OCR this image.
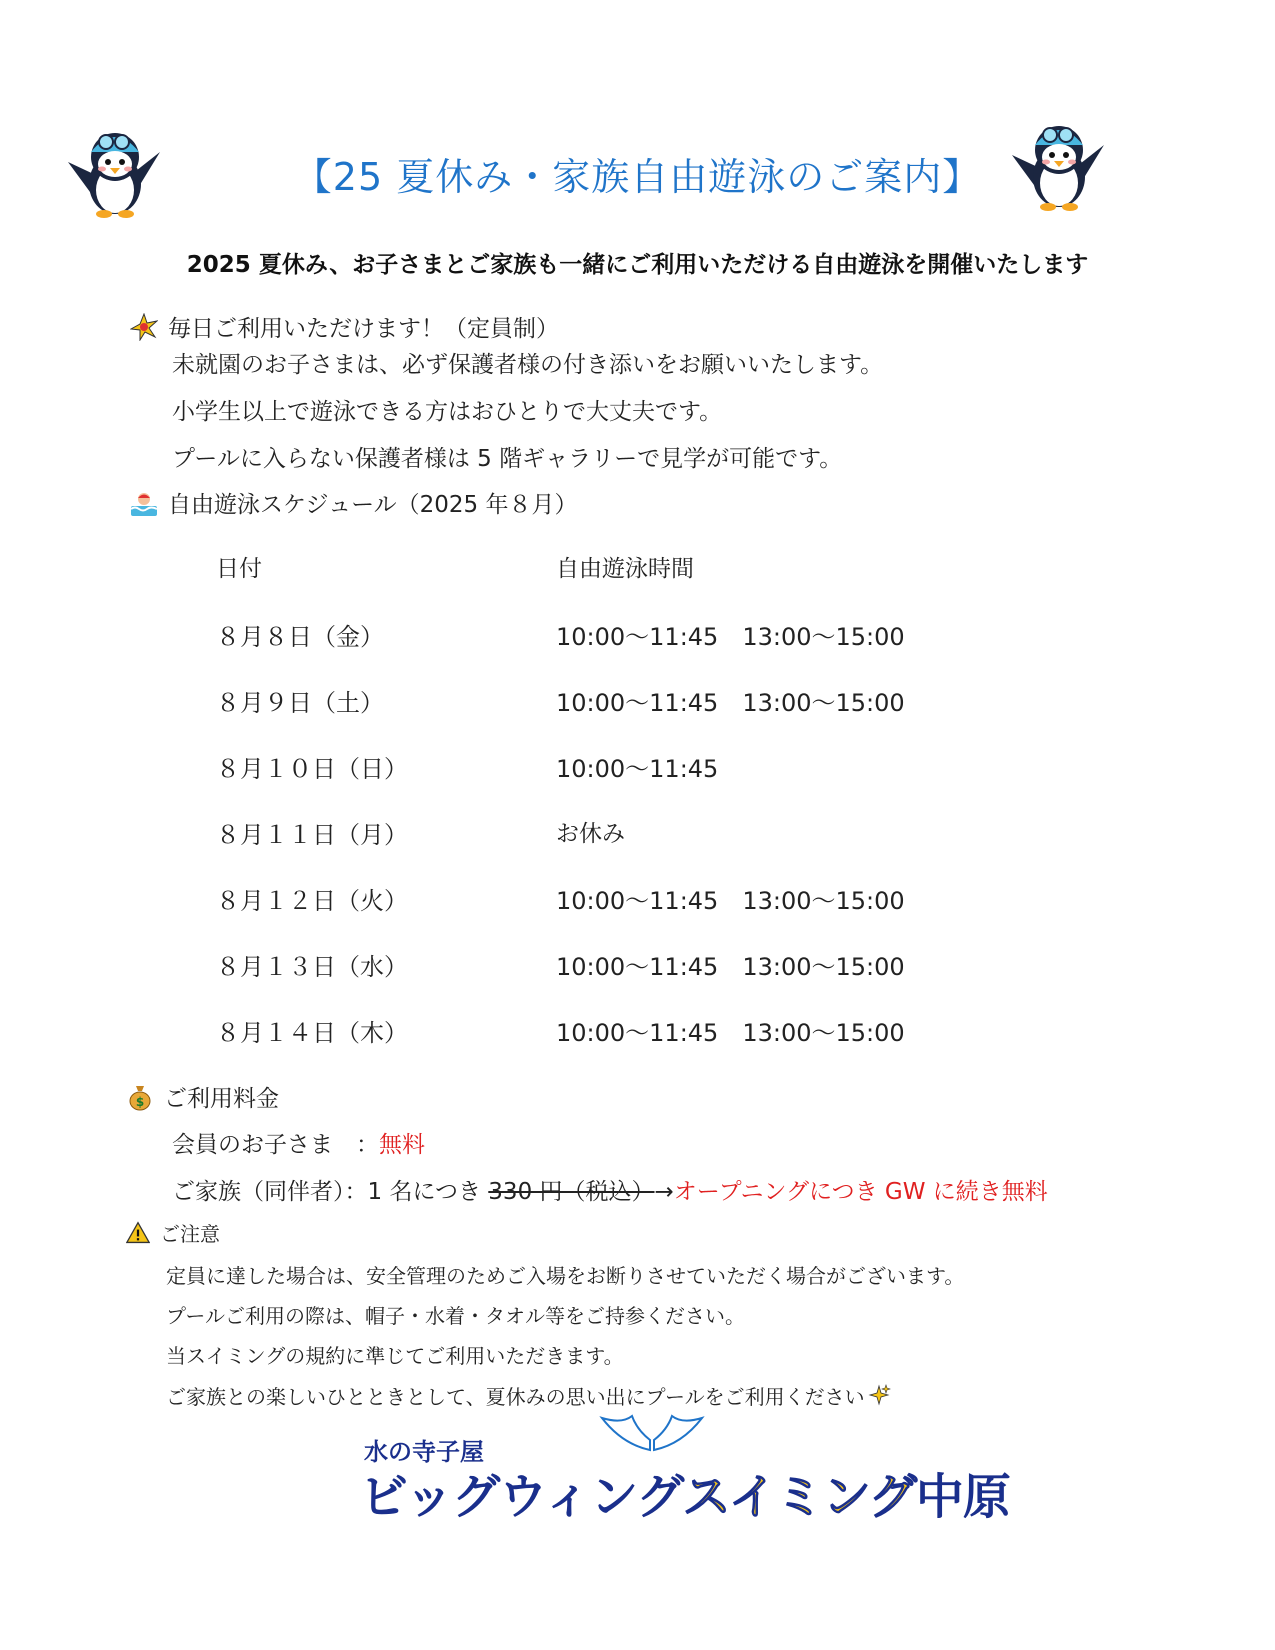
【25 夏休み・家族自由遊泳のご案内】
2025 夏休み、お子さまとご家族も一緒にご利用いただける自由遊泳を開催いたします
毎日ご利用いただけます！（定員制）
未就園のお子さまは、必ず保護者様の付き添いをお願いいたします。
小学生以上で遊泳できる方はおひとりで大丈夫です。
プールに入らない保護者様は 5 階ギャラリーで見学が可能です。
自由遊泳スケジュール（2025 年８月）
日付	自由遊泳時間
８月８日（金）	10:00～11:45　13:00～15:00
８月９日（土）	10:00～11:45　13:00～15:00
８月１０日（日）	10:00～11:45
８月１１日（月）	お休み
８月１２日（火）	10:00～11:45　13:00～15:00
８月１３日（水）	10:00～11:45　13:00～15:00
８月１４日（木）	10:00～11:45　13:00～15:00
$ ご利用料金
会員のお子さま　：無料
ご家族（同伴者）：1 名につき 330 円（税込）→オープニングにつき GW に続き無料
ご注意
定員に達した場合は、安全管理のためご入場をお断りさせていただく場合がございます。
プールご利用の際は、帽子・水着・タオル等をご持参ください。
当スイミングの規約に準じてご利用いただきます。
ご家族との楽しいひとときとして、夏休みの思い出にプールをご利用ください
水の寺子屋
ビッグウィングスイミング中原
